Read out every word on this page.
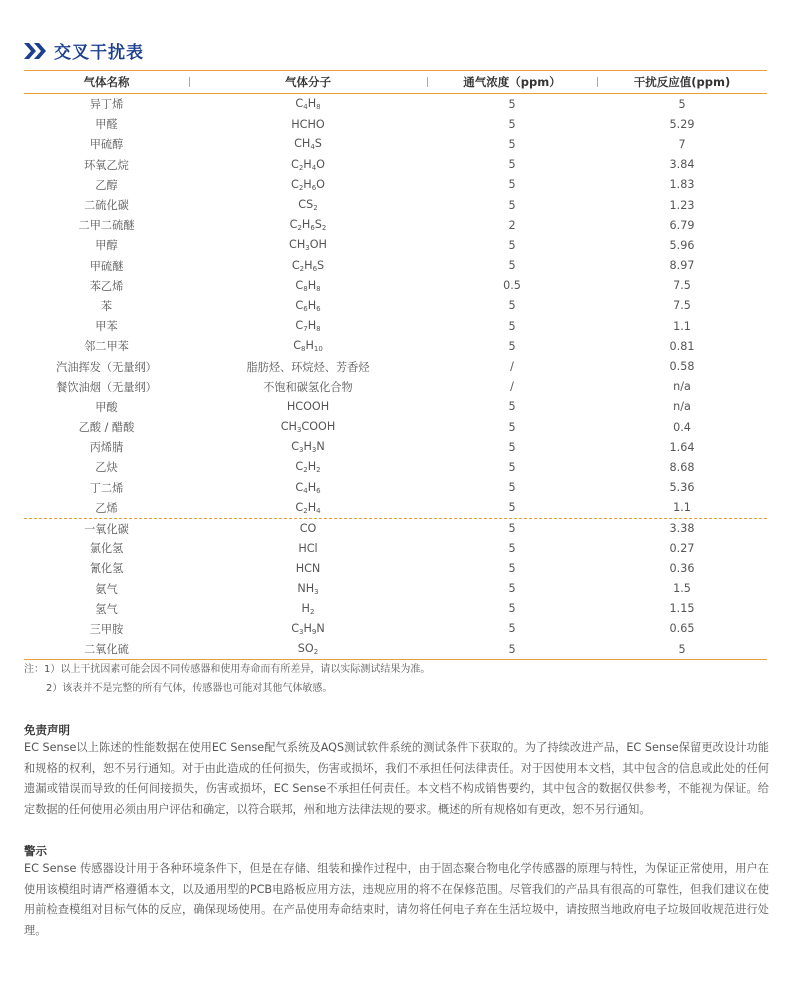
交叉干扰表
气体名称	气体分子	通气浓度（ppm）	干扰反应值(ppm)
异丁烯	$C_4H_8$	5	5
甲醛	HCHO	5	5.29
甲硫醇	$CH_4S$	5	7
环氧乙烷	$C_2H_4O$	5	3.84
乙醇	$C_2H_6O$	5	1.83
二硫化碳	$CS_2$	5	1.23
二甲二硫醚	$C_2H_6S_2$	2	6.79
甲醇	$CH_3OH$	5	5.96
甲硫醚	$C_2H_6S$	5	8.97
苯乙烯	$C_8H_8$	0.5	7.5
苯	$C_6H_6$	5	7.5
甲苯	$C_7H_8$	5	1.1
邻二甲苯	$C_8H_{10}$	5	0.81
汽油挥发（无量纲）	脂肪烃、环烷烃、芳香烃	/	0.58
餐饮油烟（无量纲）	不饱和碳氢化合物	/	n/a
甲酸	HCOOH	5	n/a
乙酸 / 醋酸	$CH_3COOH$	5	0.4
丙烯腈	$C_3H_3N$	5	1.64
乙炔	$C_2H_2$	5	8.68
丁二烯	$C_4H_6$	5	5.36
乙烯	$C_2H_4$	5	1.1
一氧化碳	CO	5	3.38
氯化氢	HCl	5	0.27
氰化氢	HCN	5	0.36
氨气	$NH_3$	5	1.5
氢气	$H_2$	5	1.15
三甲胺	$C_3H_9N$	5	0.65
二氧化硫	$SO_2$	5	5
注：1）以上干扰因素可能会因不同传感器和使用寿命而有所差异，请以实际测试结果为准。
2）该表并不是完整的所有气体，传感器也可能对其他气体敏感。
免责声明
EC Sense以上陈述的性能数据在使用EC Sense配气系统及AQS测试软件系统的测试条件下获取的。为了持续改进产品，EC Sense保留更改设计功能和规格的权利，恕不另行通知。对于由此造成的任何损失，伤害或损坏，我们不承担任何法律责任。对于因使用本文档，其中包含的信息或此处的任何遗漏或错误而导致的任何间接损失，伤害或损坏，EC Sense不承担任何责任。本文档不构成销售要约，其中包含的数据仅供参考，不能视为保证。给定数据的任何使用必须由用户评估和确定，以符合联邦，州和地方法律法规的要求。概述的所有规格如有更改，恕不另行通知。
警示
EC Sense 传感器设计用于各种环境条件下，但是在存储、组装和操作过程中，由于固态聚合物电化学传感器的原理与特性，为保证正常使用，用户在使用该模组时请严格遵循本文，以及通用型的PCB电路板应用方法，违规应用的将不在保修范围。尽管我们的产品具有很高的可靠性，但我们建议在使用前检查模组对目标气体的反应，确保现场使用。在产品使用寿命结束时，请勿将任何电子弃在生活垃圾中，请按照当地政府电子垃圾回收规范进行处理。
